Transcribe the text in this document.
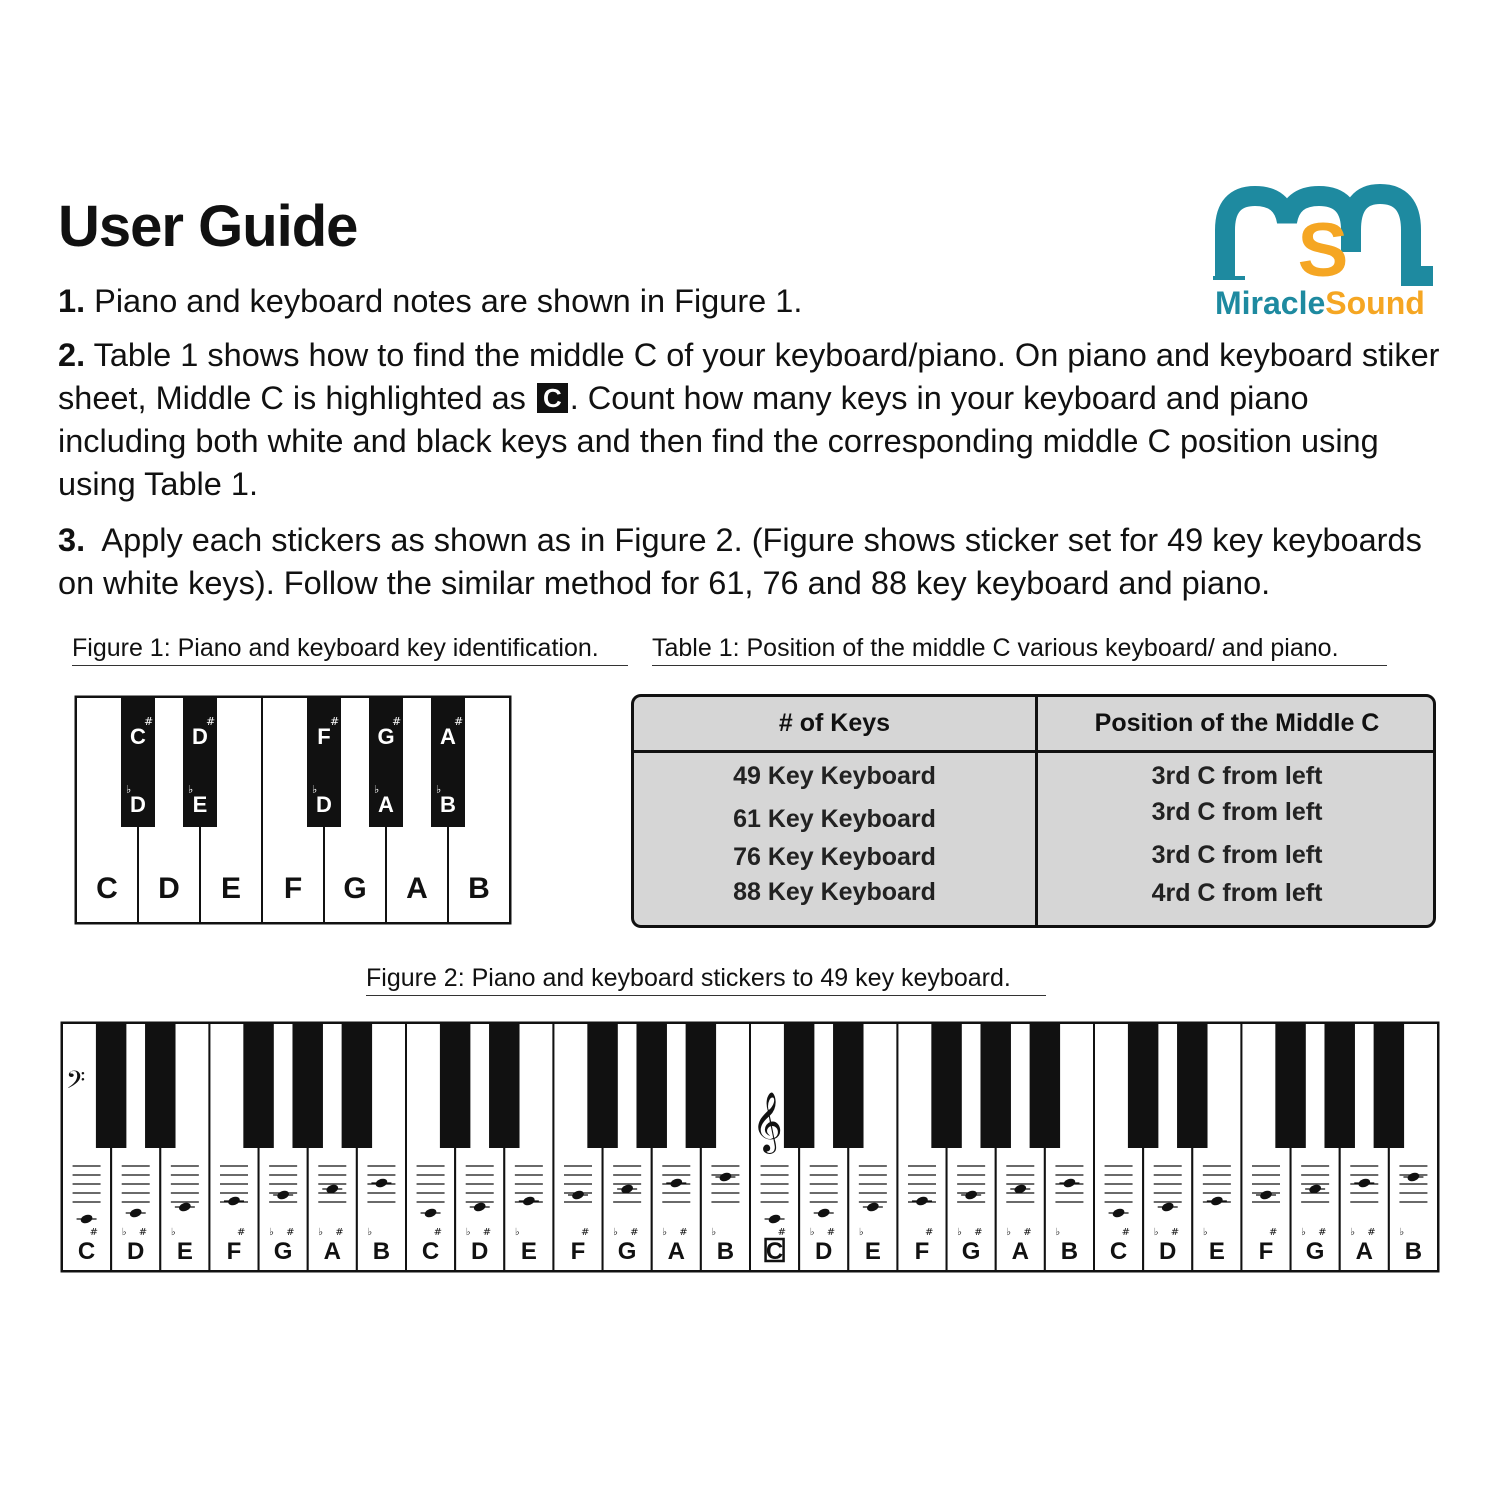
User Guide

1. Piano and keyboard notes are shown in Figure 1.

2. Table 1 shows how to find the middle C of your keyboard/piano. On piano and keyboard stiker sheet, Middle C is highlighted as C . Count how many keys in your keyboard and piano including both white and black keys and then find the corresponding middle C position using using Table 1.

3. Apply each stickers as shown as in Figure 2. (Figure shows sticker set for 49 key keyboards on white keys). Follow the similar method for 61, 76 and 88 key keyboard and piano.

S
MiracleSound
Figure 1: Piano and keyboard key identification.	Table 1: Position of the middle C various keyboard/ and piano.
Figure 2: Piano and keyboard stickers to 49 key keyboard.
C D E F G A B
C
#
D
♭
D
#
E
♭
F
#
D
♭
G
#
A
♭
A
#
B
♭
# of Keys	Position of the Middle C
49 Key Keyboard	3rd C from left
61 Key Keyboard	3rd C from left
76 Key Keyboard	3rd C from left
88 Key Keyboard	4rd C from left
#
C
♭ #
D
♭
E
#
F
♭ #
G
♭ #
A
♭
B
#
C
♭ #
D
♭
E
#
F
♭ #
G
♭ #
A
♭
B
#
C
♭ #
D
♭
E
#
F
♭ #
G
♭ #
A
♭
B
#
C
♭ #
D
♭
E
#
F
♭ #
G
♭ #
A
♭
B
𝄢
𝄞
